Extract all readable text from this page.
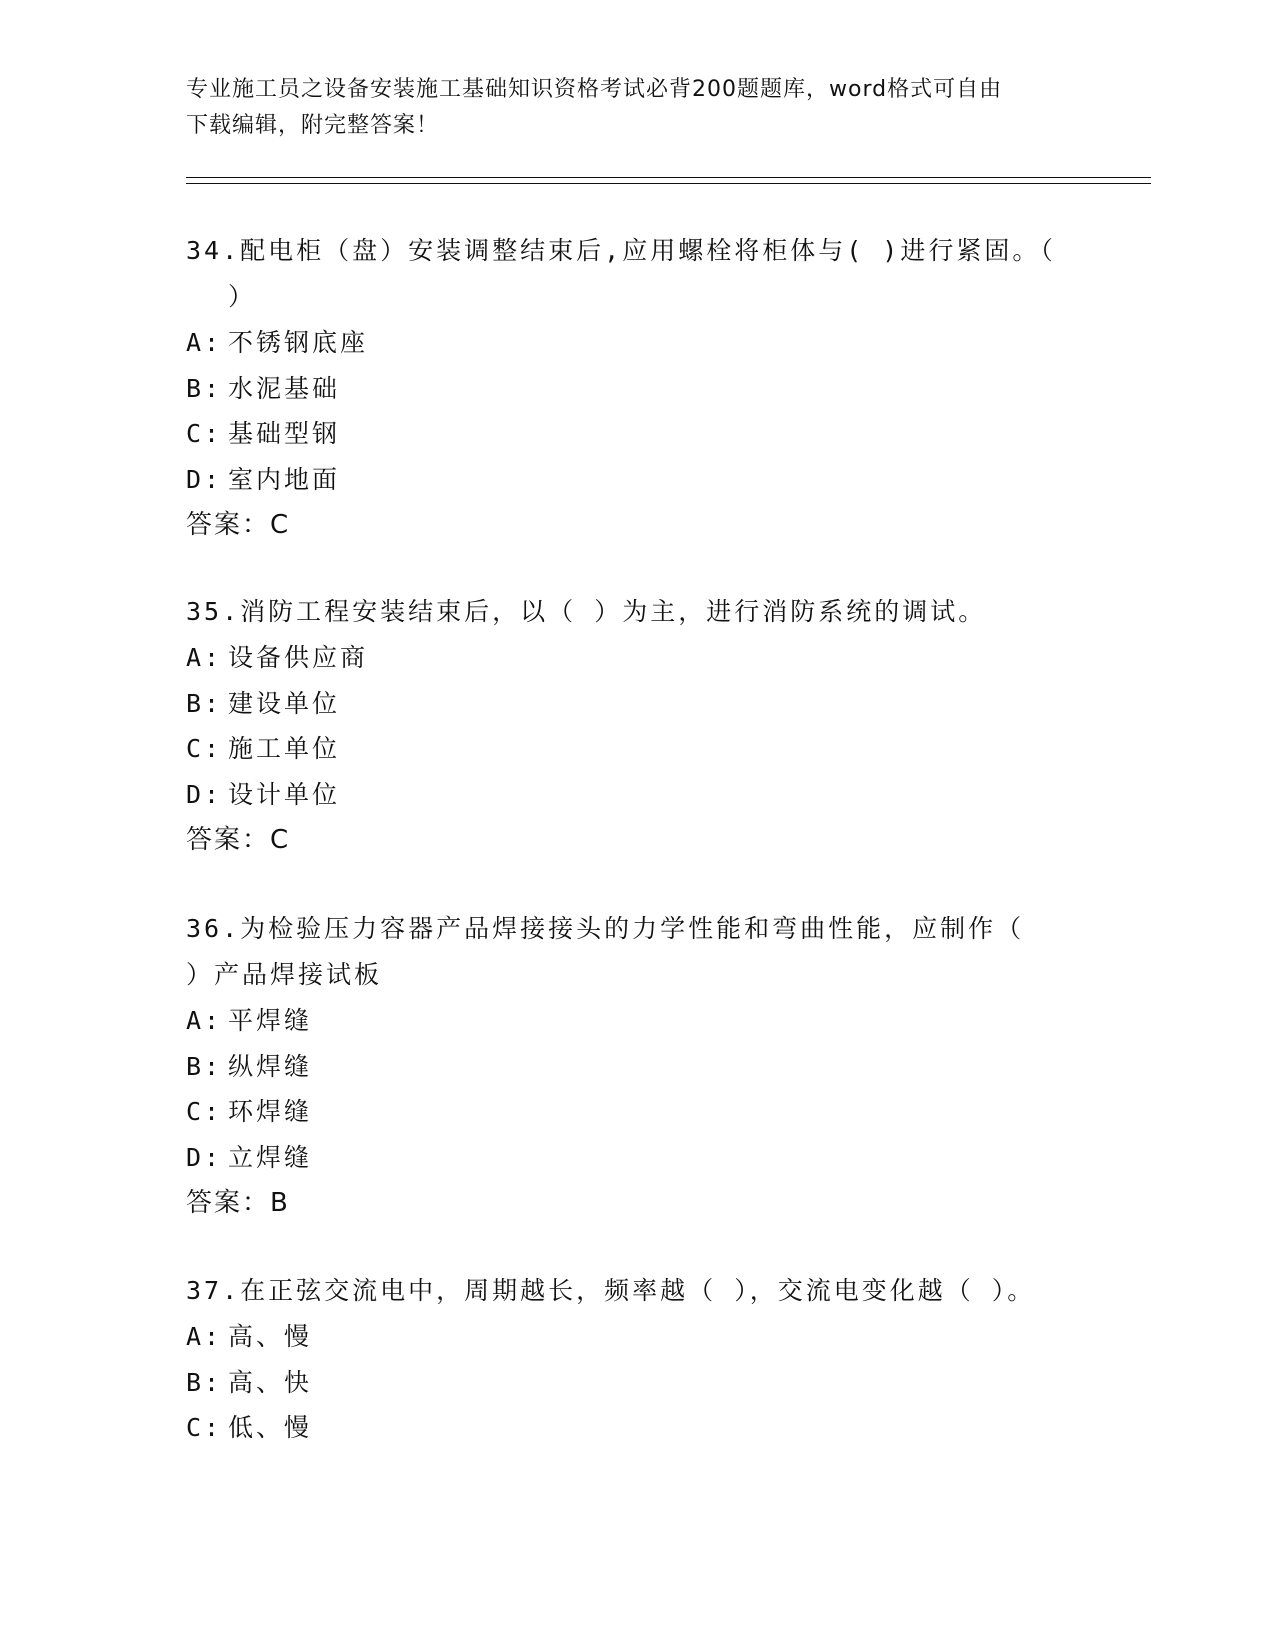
专业施工员之设备安装施工基础知识资格考试必背200题题库，word格式可自由
下载编辑，附完整答案！
34.配电柜（盘）安装调整结束后,应用螺栓将柜体与( )进行紧固。（
）
A: 不锈钢底座
B: 水泥基础
C: 基础型钢
D: 室内地面
答案：C
35.消防工程安装结束后，以（ ）为主，进行消防系统的调试。
A: 设备供应商
B: 建设单位
C: 施工单位
D: 设计单位
答案：C
36.为检验压力容器产品焊接接头的力学性能和弯曲性能，应制作（
）产品焊接试板
A: 平焊缝
B: 纵焊缝
C: 环焊缝
D: 立焊缝
答案：B
37.在正弦交流电中，周期越长，频率越（ ），交流电变化越（ ）。
A: 高、慢
B: 高、快
C: 低、慢
